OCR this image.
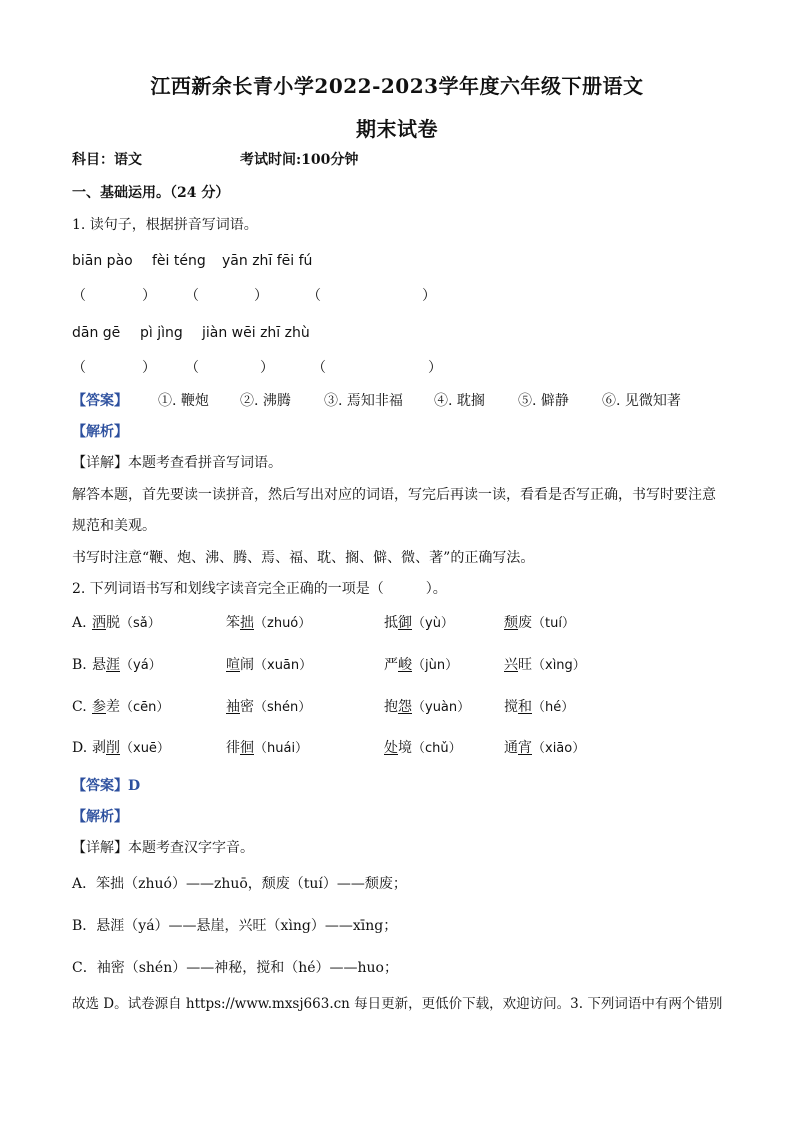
江西新余长青小学2022-2023学年度六年级下册语文
期末试卷
科目：语文	考试时间:100分钟
一、基础运用。（24 分）
1. 读句子，根据拼音写词语。
biān pào fèi téng yān zhī fēi fú
（	） （	）	（	）
dān gē pì jìng jiàn wēi zhī zhù
（	） （	）	（	）
【答案】 ①. 鞭炮 ②. 沸腾 ③. 焉知非福 ④. 耽搁 ⑤. 僻静 ⑥. 见微知著
【解析】
【详解】本题考查看拼音写词语。
解答本题，首先要读一读拼音，然后写出对应的词语，写完后再读一读，看看是否写正确，书写时要注意
规范和美观。
书写时注意“鞭、炮、沸、腾、焉、福、耽、搁、僻、微、著”的正确写法。
2. 下列词语书写和划线字读音完全正确的一项是（　　　）。
A. 洒脱（sǎ）	笨拙（zhuó）	抵御（yù）	颓废（tuí）
B. 悬涯（yá）	喧闹（xuān）	严峻（jùn）	兴旺（xìng）
C. 参差（cēn）	袖密（shén）	抱怨（yuàn） 搅和（hé）
D. 剥削（xuē）	徘徊（huái）	处境（chǔ）	通宵（xiāo）
【答案】D
【解析】
【详解】本题考查汉字字音。
A．笨拙（zhuó）——zhuō，颓废（tuí）——颓废；
B．悬涯（yá）——悬崖，兴旺（xìng）——xīng；
C．袖密（shén）——神秘，搅和（hé）——huo；
故选 D。试卷源自 https://www.mxsj663.cn 每日更新，更低价下载，欢迎访问。3. 下列词语中有两个错别
